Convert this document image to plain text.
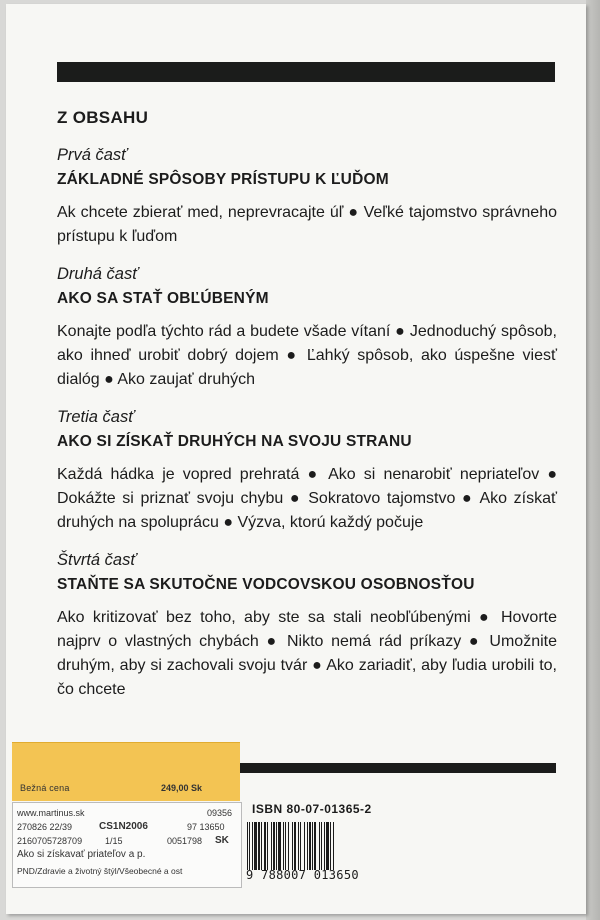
Z OBSAHU
Prvá časť
ZÁKLADNÉ SPÔSOBY PRÍSTUPU K ĽUĎOM
Ak chcete zbierať med, neprevracajte úľ ● Veľké tajomstvo správneho prístupu k ľuďom
Druhá časť
AKO SA STAŤ OBĽÚBENÝM
Konajte podľa týchto rád a budete všade vítaní ● Jednoduchý spôsob, ako ihneď urobiť dobrý dojem ● Ľahký spôsob, ako úspešne viesť dialóg ● Ako zaujať druhých
Tretia časť
AKO SI ZÍSKAŤ DRUHÝCH NA SVOJU STRANU
Každá hádka je vopred prehratá ● Ako si nenarobiť nepriateľov ● Dokážte si priznať svoju chybu ● Sokratovo tajomstvo ● Ako získať druhých na spoluprácu ● Výzva, ktorú každý počuje
Štvrtá časť
STAŇTE SA SKUTOČNE VODCOVSKOU OSOBNOSŤOU
Ako kritizovať bez toho, aby ste sa stali neobľúbenými ● Hovorte najprv o vlastných chybách ● Nikto nemá rád príkazy ● Umožnite druhým, aby si zachovali svoju tvár ● Ako zariadiť, aby ľudia urobili to, čo chcete
Bežná cena	249,00 Sk
www.martinus.sk	09356
270826 22/39	CS1N2006	97 13650
2160705728709	1/15	0051798 SK
Ako si získavať priateľov a p.
PND/Zdravie a životný štýl/Všeobecné a ost
ISBN 80-07-01365-2
9 788007 013650
